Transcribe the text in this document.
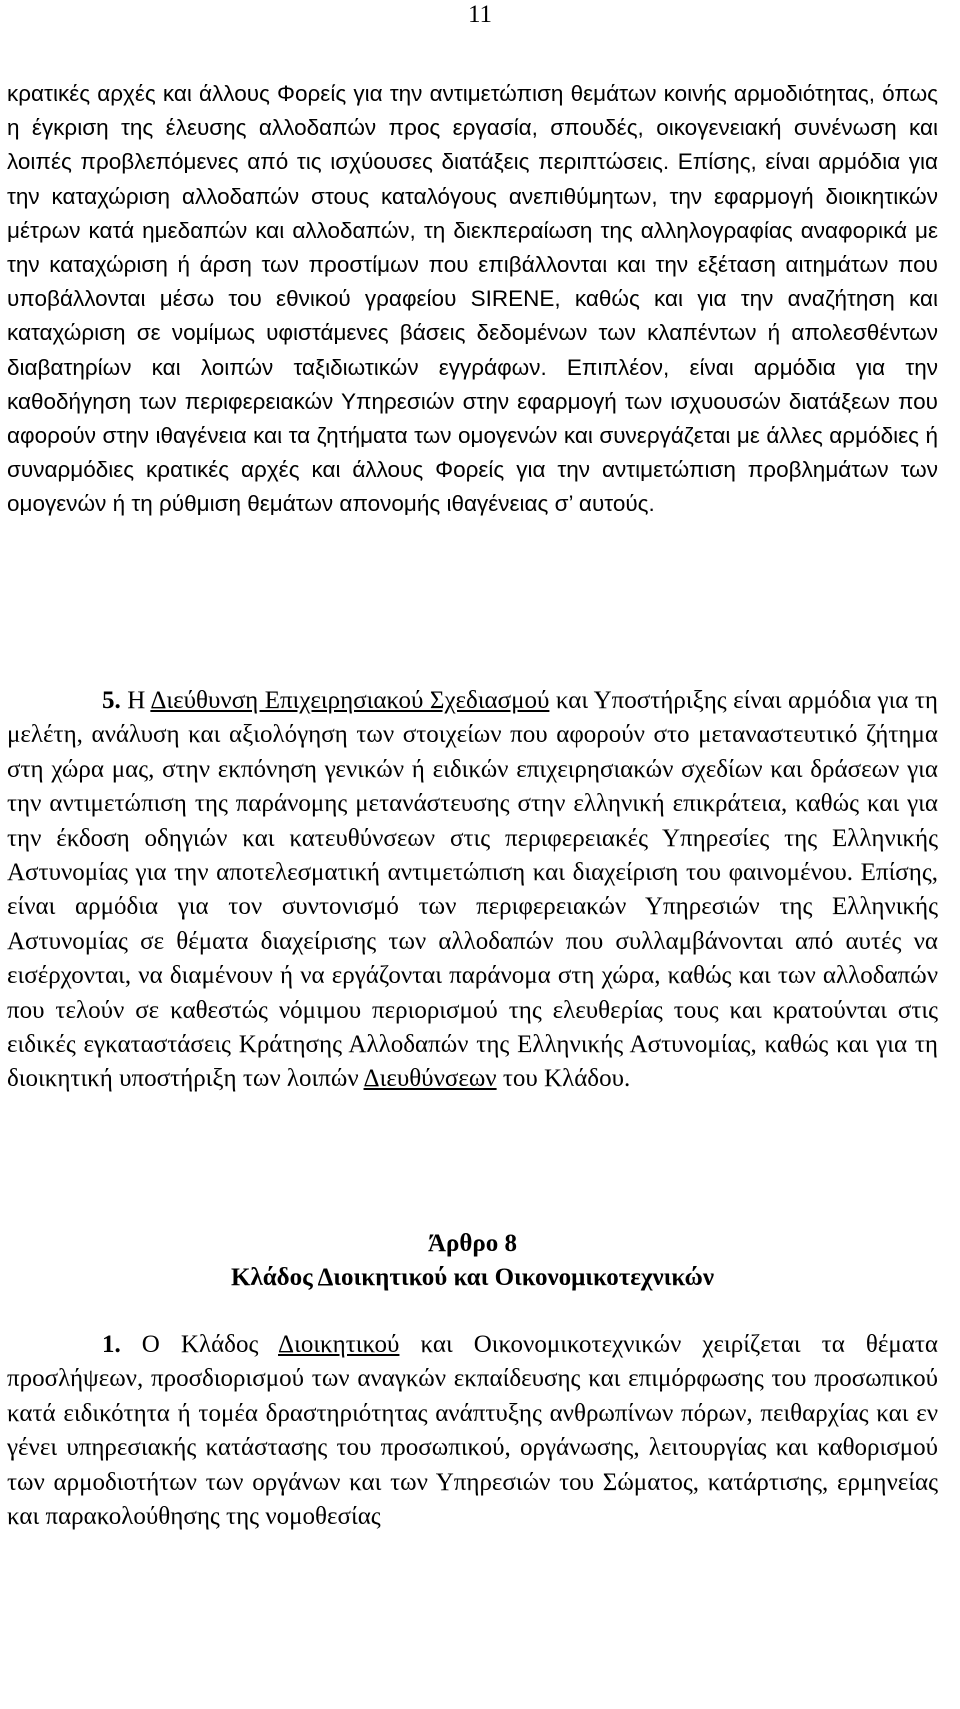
11

κρατικές αρχές και άλλους Φορείς για την αντιμετώπιση θεμάτων κοινής αρμοδιότητας, όπως η έγκριση της έλευσης αλλοδαπών προς εργασία, σπουδές, οικογενειακή συνένωση και λοιπές προβλεπόμενες από τις ισχύουσες διατάξεις περιπτώσεις. Επίσης, είναι αρμόδια για την καταχώριση αλλοδαπών στους καταλόγους ανεπιθύμητων, την εφαρμογή διοικητικών μέτρων κατά ημεδαπών και αλλοδαπών, τη διεκπεραίωση της αλληλογραφίας αναφορικά με την καταχώριση ή άρση των προστίμων που επιβάλλονται και την εξέταση αιτημάτων που υποβάλλονται μέσω του εθνικού γραφείου SIRENE, καθώς και για την αναζήτηση και καταχώριση σε νομίμως υφιστάμενες βάσεις δεδομένων των κλαπέντων ή απολεσθέντων διαβατηρίων και λοιπών ταξιδιωτικών εγγράφων. Επιπλέον, είναι αρμόδια για την καθοδήγηση των περιφερειακών Υπηρεσιών στην εφαρμογή των ισχυουσών διατάξεων που αφορούν στην ιθαγένεια και τα ζητήματα των ομογενών και συνεργάζεται με άλλες αρμόδιες ή συναρμόδιες κρατικές αρχές και άλλους Φορείς για την αντιμετώπιση προβλημάτων των ομογενών ή τη ρύθμιση θεμάτων απονομής ιθαγένειας σ’ αυτούς.

5. Η Διεύθυνση Επιχειρησιακού Σχεδιασμού και Υποστήριξης είναι αρμόδια για τη μελέτη, ανάλυση και αξιολόγηση των στοιχείων που αφορούν στο μεταναστευτικό ζήτημα στη χώρα μας, στην εκπόνηση γενικών ή ειδικών επιχειρησιακών σχεδίων και δράσεων για την αντιμετώπιση της παράνομης μετανάστευσης στην ελληνική επικράτεια, καθώς και για την έκδοση οδηγιών και κατευθύνσεων στις περιφερειακές Υπηρεσίες της Ελληνικής Αστυνομίας για την αποτελεσματική αντιμετώπιση και διαχείριση του φαινομένου. Επίσης, είναι αρμόδια για τον συντονισμό των περιφερειακών Υπηρεσιών της Ελληνικής Αστυνομίας σε θέματα διαχείρισης των αλλοδαπών που συλλαμβάνονται από αυτές να εισέρχονται, να διαμένουν ή να εργάζονται παράνομα στη χώρα, καθώς και των αλλοδαπών που τελούν σε καθεστώς νόμιμου περιορισμού της ελευθερίας τους και κρατούνται στις ειδικές εγκαταστάσεις Κράτησης Αλλοδαπών της Ελληνικής Αστυνομίας, καθώς και για τη διοικητική υποστήριξη των λοιπών Διευθύνσεων του Κλάδου.

Άρθρο 8
Κλάδος Διοικητικού και Οικονομικοτεχνικών

1. Ο Κλάδος Διοικητικού και Οικονομικοτεχνικών χειρίζεται τα θέματα προσλήψεων, προσδιορισμού των αναγκών εκπαίδευσης και επιμόρφωσης του προσωπικού κατά ειδικότητα ή τομέα δραστηριότητας ανάπτυξης ανθρωπίνων πόρων, πειθαρχίας και εν γένει υπηρεσιακής κατάστασης του προσωπικού, οργάνωσης, λειτουργίας και καθορισμού των αρμοδιοτήτων των οργάνων και των Υπηρεσιών του Σώματος, κατάρτισης, ερμηνείας και παρακολούθησης της νομοθεσίας
